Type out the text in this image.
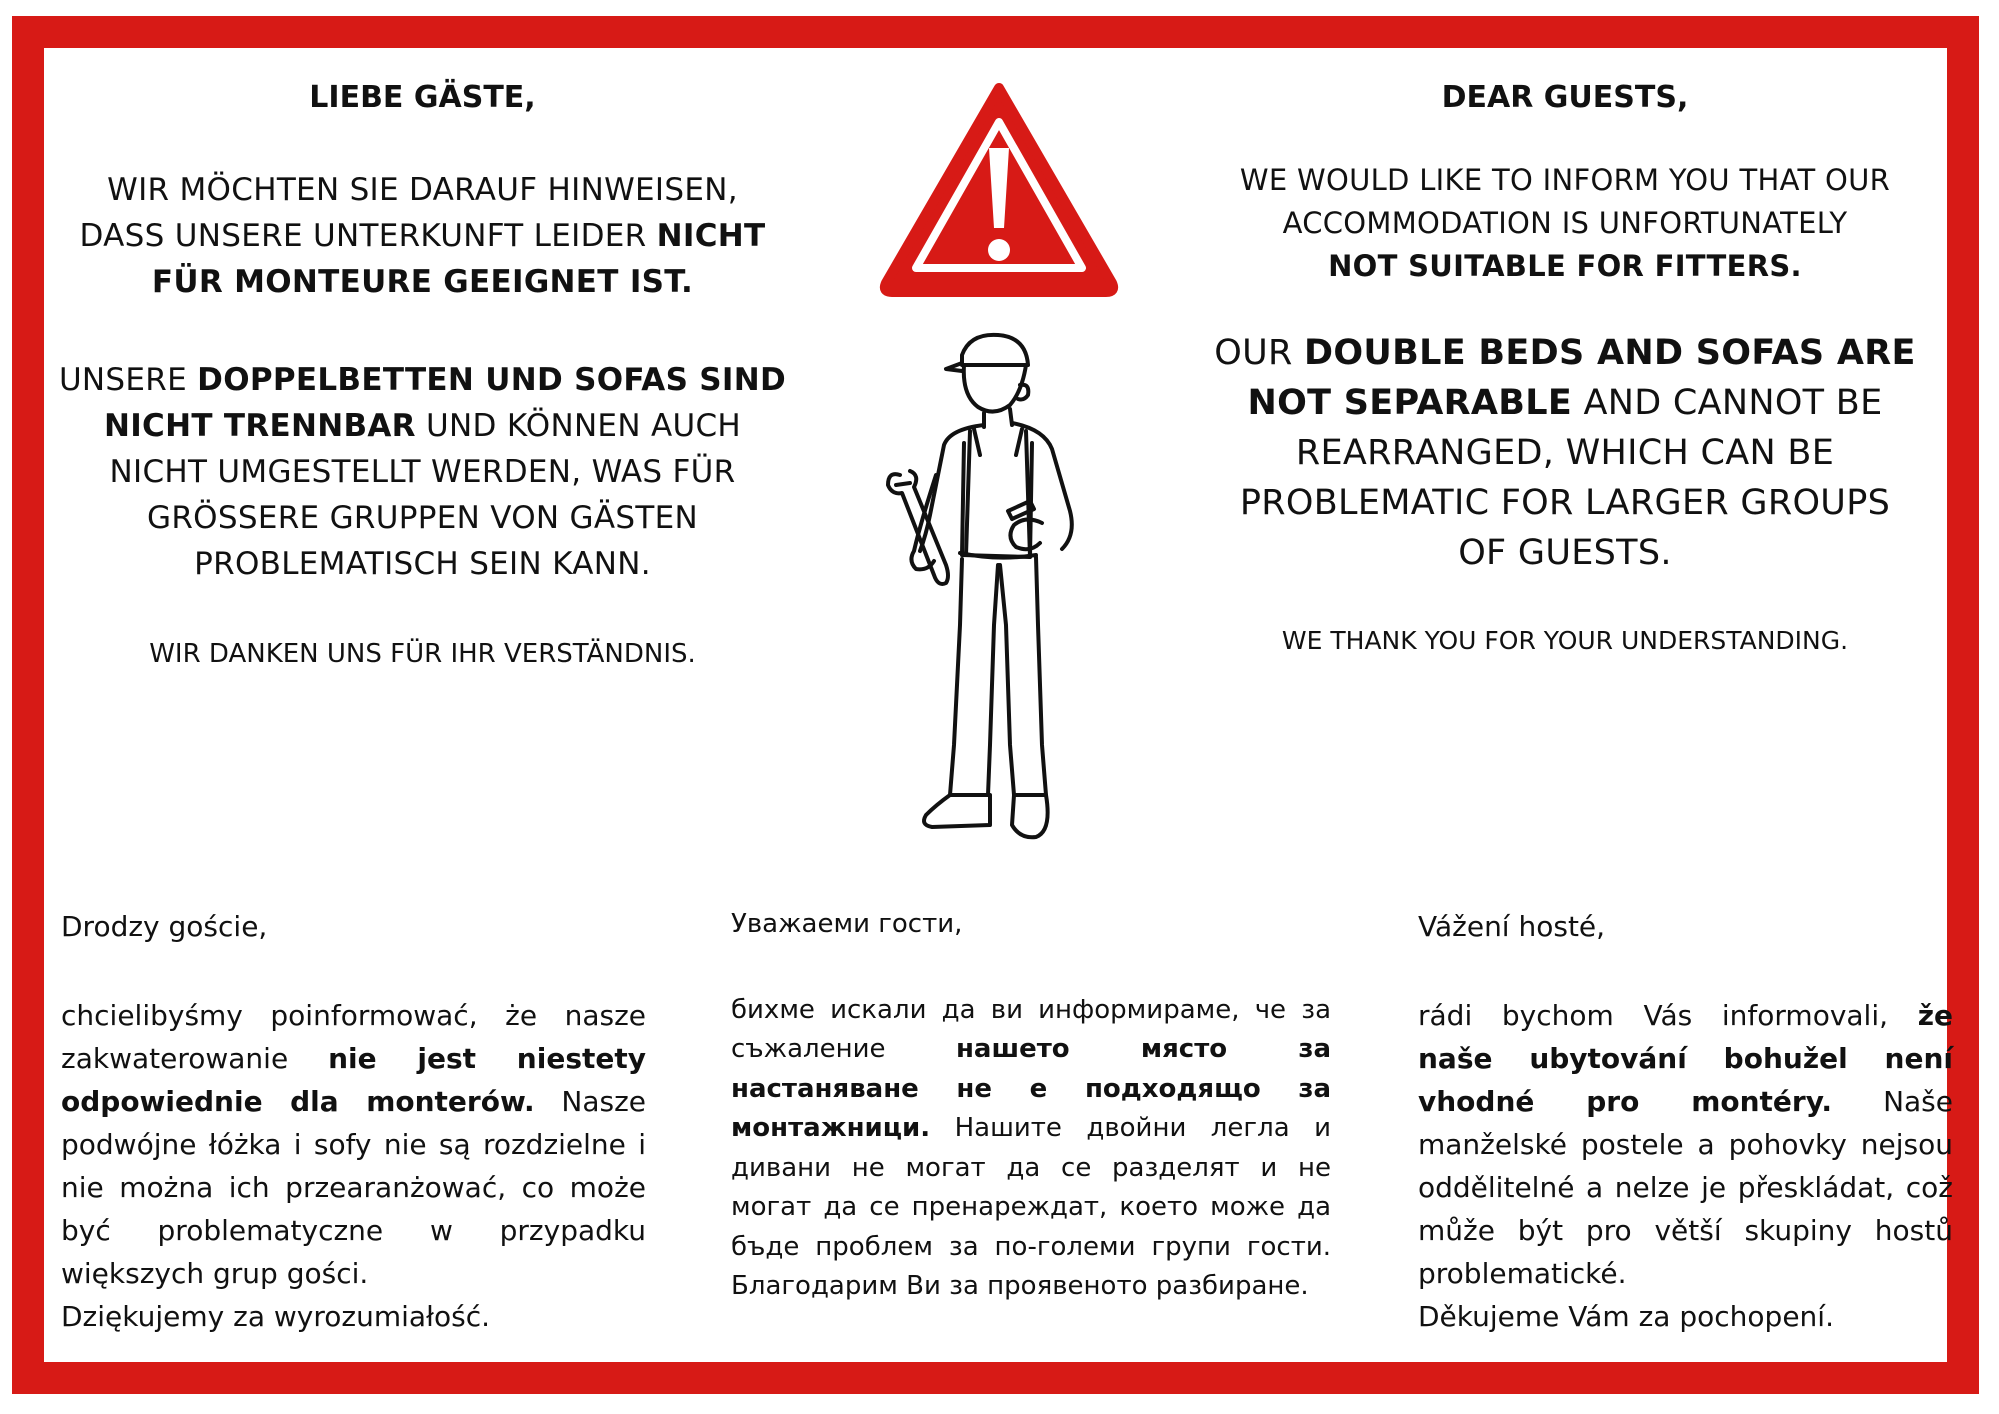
LIEBE GÄSTE,

WIR MÖCHTEN SIE DARAUF HINWEISEN,
DASS UNSERE UNTERKUNFT LEIDER NICHT
FÜR MONTEURE GEEIGNET IST.

UNSERE DOPPELBETTEN UND SOFAS SIND
NICHT TRENNBAR UND KÖNNEN AUCH
NICHT UMGESTELLT WERDEN, WAS FÜR
GRÖSSERE GRUPPEN VON GÄSTEN
PROBLEMATISCH SEIN KANN.

WIR DANKEN UNS FÜR IHR VERSTÄNDNIS.

DEAR GUESTS,

WE WOULD LIKE TO INFORM YOU THAT OUR
ACCOMMODATION IS UNFORTUNATELY
NOT SUITABLE FOR FITTERS.

OUR DOUBLE BEDS AND SOFAS ARE
NOT SEPARABLE AND CANNOT BE
REARRANGED, WHICH CAN BE
PROBLEMATIC FOR LARGER GROUPS
OF GUESTS.

WE THANK YOU FOR YOUR UNDERSTANDING.

Drodzy goście,

chcielibyśmy poinformować, że nasze zakwaterowanie nie jest niestety odpowiednie dla monterów. Nasze podwójne łóżka i sofy nie są rozdzielne i nie można ich przearanżować, co może być problematyczne w przypadku większych grup gości.

Dziękujemy za wyrozumiałość.

Уважаеми гости,

бихме искали да ви информираме, че за съжаление нашето място за настаняване не е подходящо за монтажници. Нашите двойни легла и дивани не могат да се разделят и не могат да се пренареждат, което може да бъде проблем за по-големи групи гости. Благодарим Ви за проявеното разбиране.

Vážení hosté,

rádi bychom Vás informovali, že naše ubytování bohužel není vhodné pro montéry. Naše manželské postele a pohovky nejsou oddělitelné a nelze je přeskládat, což může být pro větší skupiny hostů problematické.

Děkujeme Vám za pochopení.
